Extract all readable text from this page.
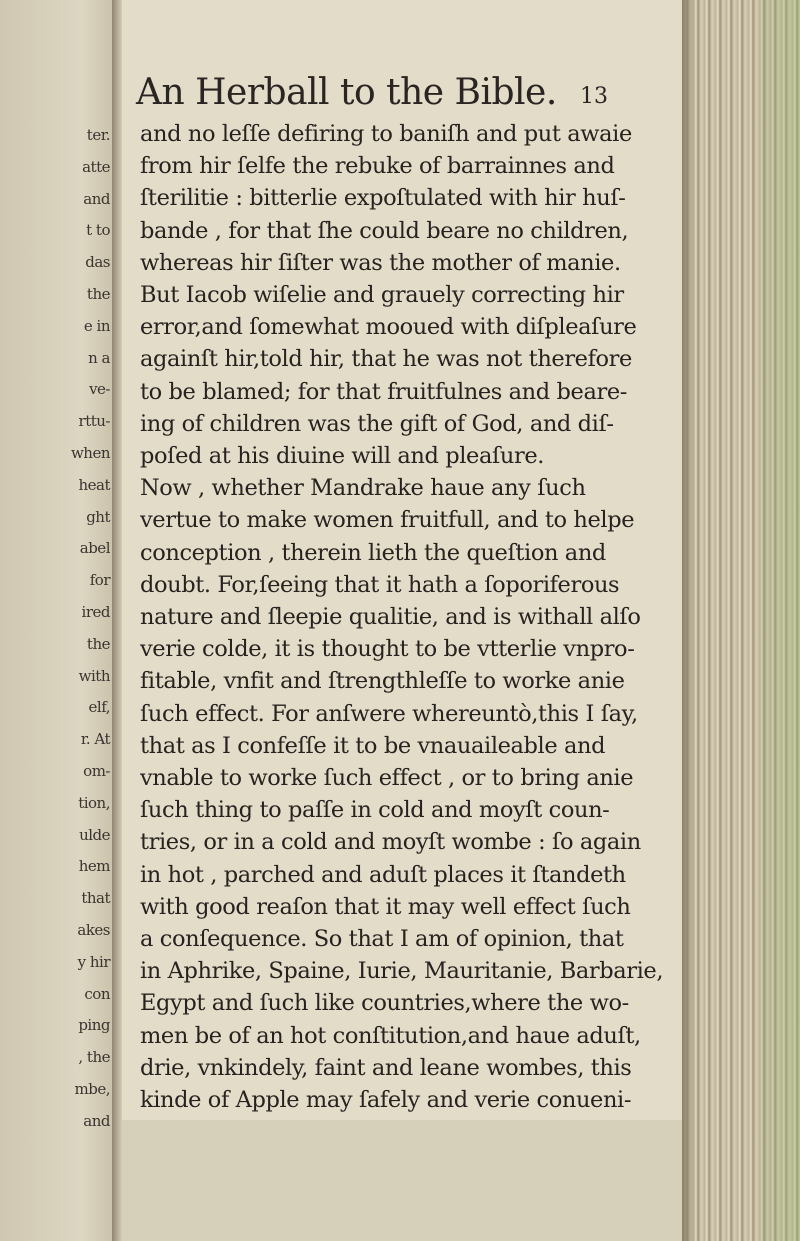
ter.
atte
and
t to
das
the
e in
n a
ve-
rttu-
when
heat
ght
abel
for
ired
the
with
elf,
r. At
om-
tion,
ulde
hem
that
akes
y hir
con
ping
, the
mbe,
and
An Herball to the Bible. 13
and no leſſe defiring to baniſh and put awaie
from hir ſelfe the rebuke of barrainnes and
ſterilitie : bitterlie expoſtulated with hir huſ-
bande , for that ſhe could beare no children,
whereas hir ſiſter was the mother of manie.
But Iacob wiſelie and grauely correcting hir
error,and ſomewhat mooued with diſpleaſure
againſt hir,told hir, that he was not therefore
to be blamed; for that fruitfulnes and beare-
ing of children was the gift of God, and diſ-
poſed at his diuine will and pleaſure.
Now , whether Mandrake haue any ſuch
vertue to make women fruitfull, and to helpe
conception , therein lieth the queſtion and
doubt. For,ſeeing that it hath a ſoporiferous
nature and ſleepie qualitie, and is withall alſo
verie colde, it is thought to be vtterlie vnpro-
fitable, vnfit and ſtrengthleſſe to worke anie
ſuch effect. For anſwere whereuntò,this I ſay,
that as I confeſſe it to be vnauaileable and
vnable to worke ſuch effect , or to bring anie
ſuch thing to paſſe in cold and moyſt coun-
tries, or in a cold and moyſt wombe : ſo again
in hot , parched and aduſt places it ſtandeth
with good reaſon that it may well effect ſuch
a conſequence. So that I am of opinion, that
in Aphrike, Spaine, Iurie, Mauritanie, Barbarie,
Egypt and ſuch like countries,where the wo-
men be of an hot conſtitution,and haue aduſt,
drie, vnkindely, faint and leane wombes, this
kinde of Apple may ſafely and verie conueni-
